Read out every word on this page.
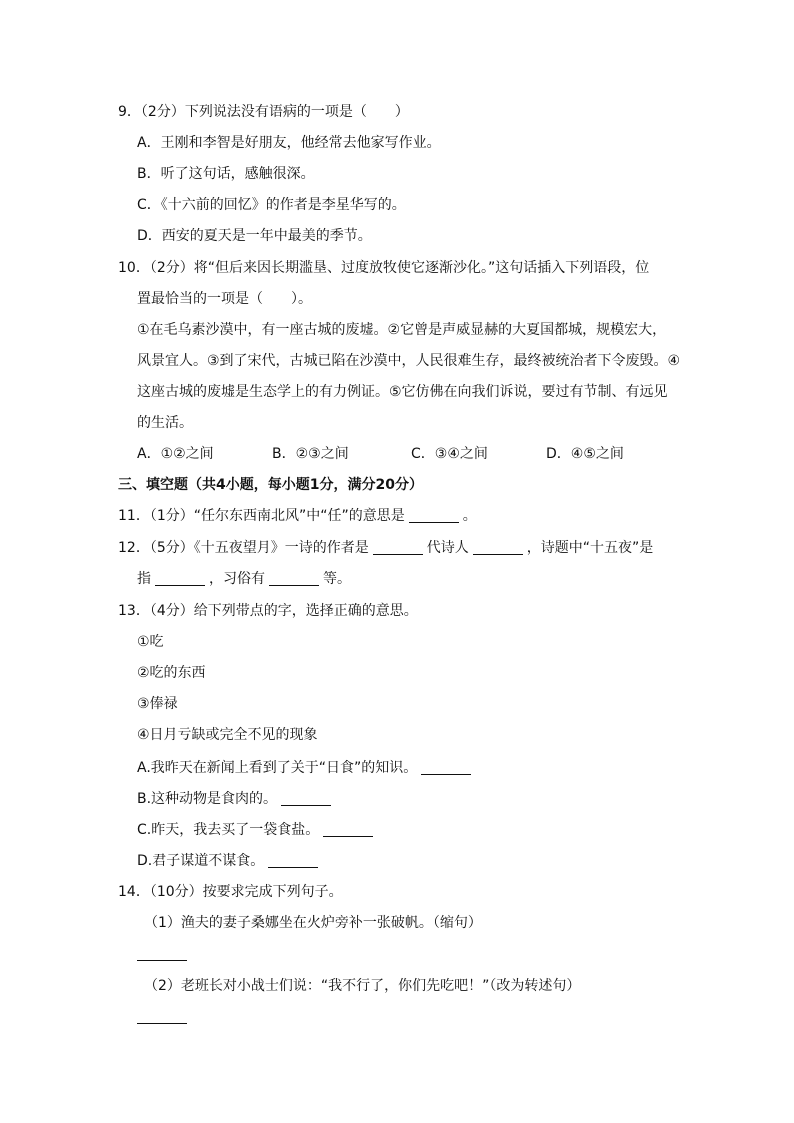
9．（2分）下列说法没有语病的一项是（　　）
A．王刚和李智是好朋友，他经常去他家写作业。
B．听了这句话，感触很深。
C．《十六前的回忆》的作者是李星华写的。
D．西安的夏天是一年中最美的季节。
10．（2分）将“但后来因长期滥垦、过度放牧使它逐渐沙化。”这句话插入下列语段，位
置最恰当的一项是（　　）。
①在毛乌素沙漠中，有一座古城的废墟。②它曾是声威显赫的大夏国都城，规模宏大，
风景宜人。③到了宋代，古城已陷在沙漠中，人民很难生存，最终被统治者下令废毁。④
这座古城的废墟是生态学上的有力例证。⑤它仿佛在向我们诉说，要过有节制、有远见
的生活。
A．①②之间	B．②③之间	C．③④之间	D．④⑤之间
三、填空题（共4小题，每小题1分，满分20分）
11．（1分）“任尔东西南北风”中“任”的意思是	。
12．（5分）《十五夜望月》一诗的作者是	代诗人	，诗题中“十五夜”是
指	，习俗有	等。
13．（4分）给下列带点的字，选择正确的意思。
①吃
②吃的东西
③俸禄
④日月亏缺或完全不见的现象
A.我昨天在新闻上看到了关于“日食”的知识。
B.这种动物是食肉的。
C.昨天，我去买了一袋食盐。
D.君子谋道不谋食。
14．（10分）按要求完成下列句子。
（1）渔夫的妻子桑娜坐在火炉旁补一张破帆。（缩句）
（2）老班长对小战士们说：“我不行了，你们先吃吧！”（改为转述句）
